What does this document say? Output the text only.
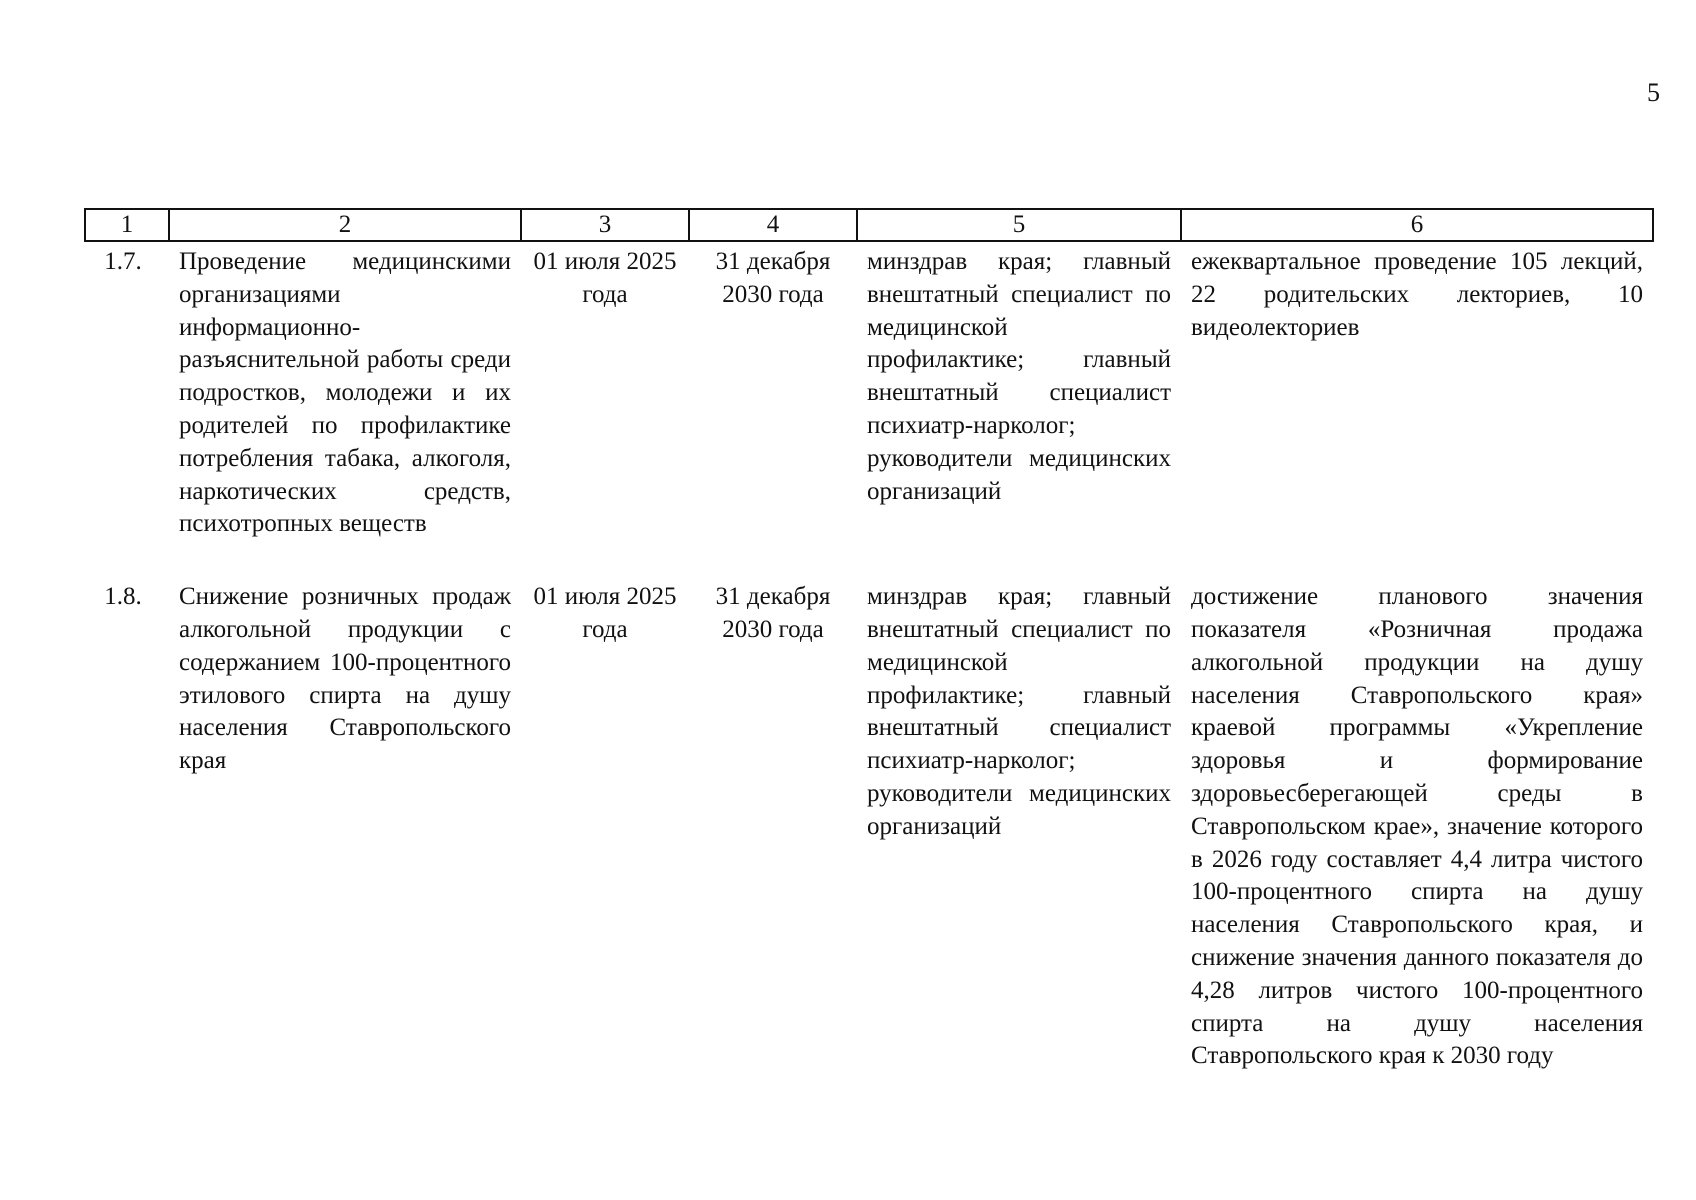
5
1	2	3	4	5	6
1.7.	Проведение медицинскими организациями информационно-разъяснительной работы среди подростков, молодежи и их родителей по профилактике потребления табака, алкоголя, наркотических средств, психотропных веществ	01 июля 2025 года	31 декабря 2030 года	минздрав края; главный внештатный специалист по медицинской профилактике; главный внештатный специалист психиатр-нарколог; руководители медицинских организаций	ежеквартальное проведение 105 лекций, 22 родительских лекториев, 10 видеолекториев
1.8.	Снижение розничных продаж алкогольной продукции с содержанием 100-процентного этилового спирта на душу населения Ставропольского края	01 июля 2025 года	31 декабря 2030 года	минздрав края; главный внештатный специалист по медицинской профилактике; главный внештатный специалист психиатр-нарколог; руководители медицинских организаций	достижение планового значения показателя «Розничная продажа алкогольной продукции на душу населения Ставропольского края» краевой программы «Укрепление здоровья и формирование здоровьесберегающей среды в Ставропольском крае», значение которого в 2026 году составляет 4,4 литра чистого 100-процентного спирта на душу населения Ставропольского края, и снижение значения данного показателя до 4,28 литров чистого 100-процентного спирта на душу населения Ставропольского края к 2030 году
